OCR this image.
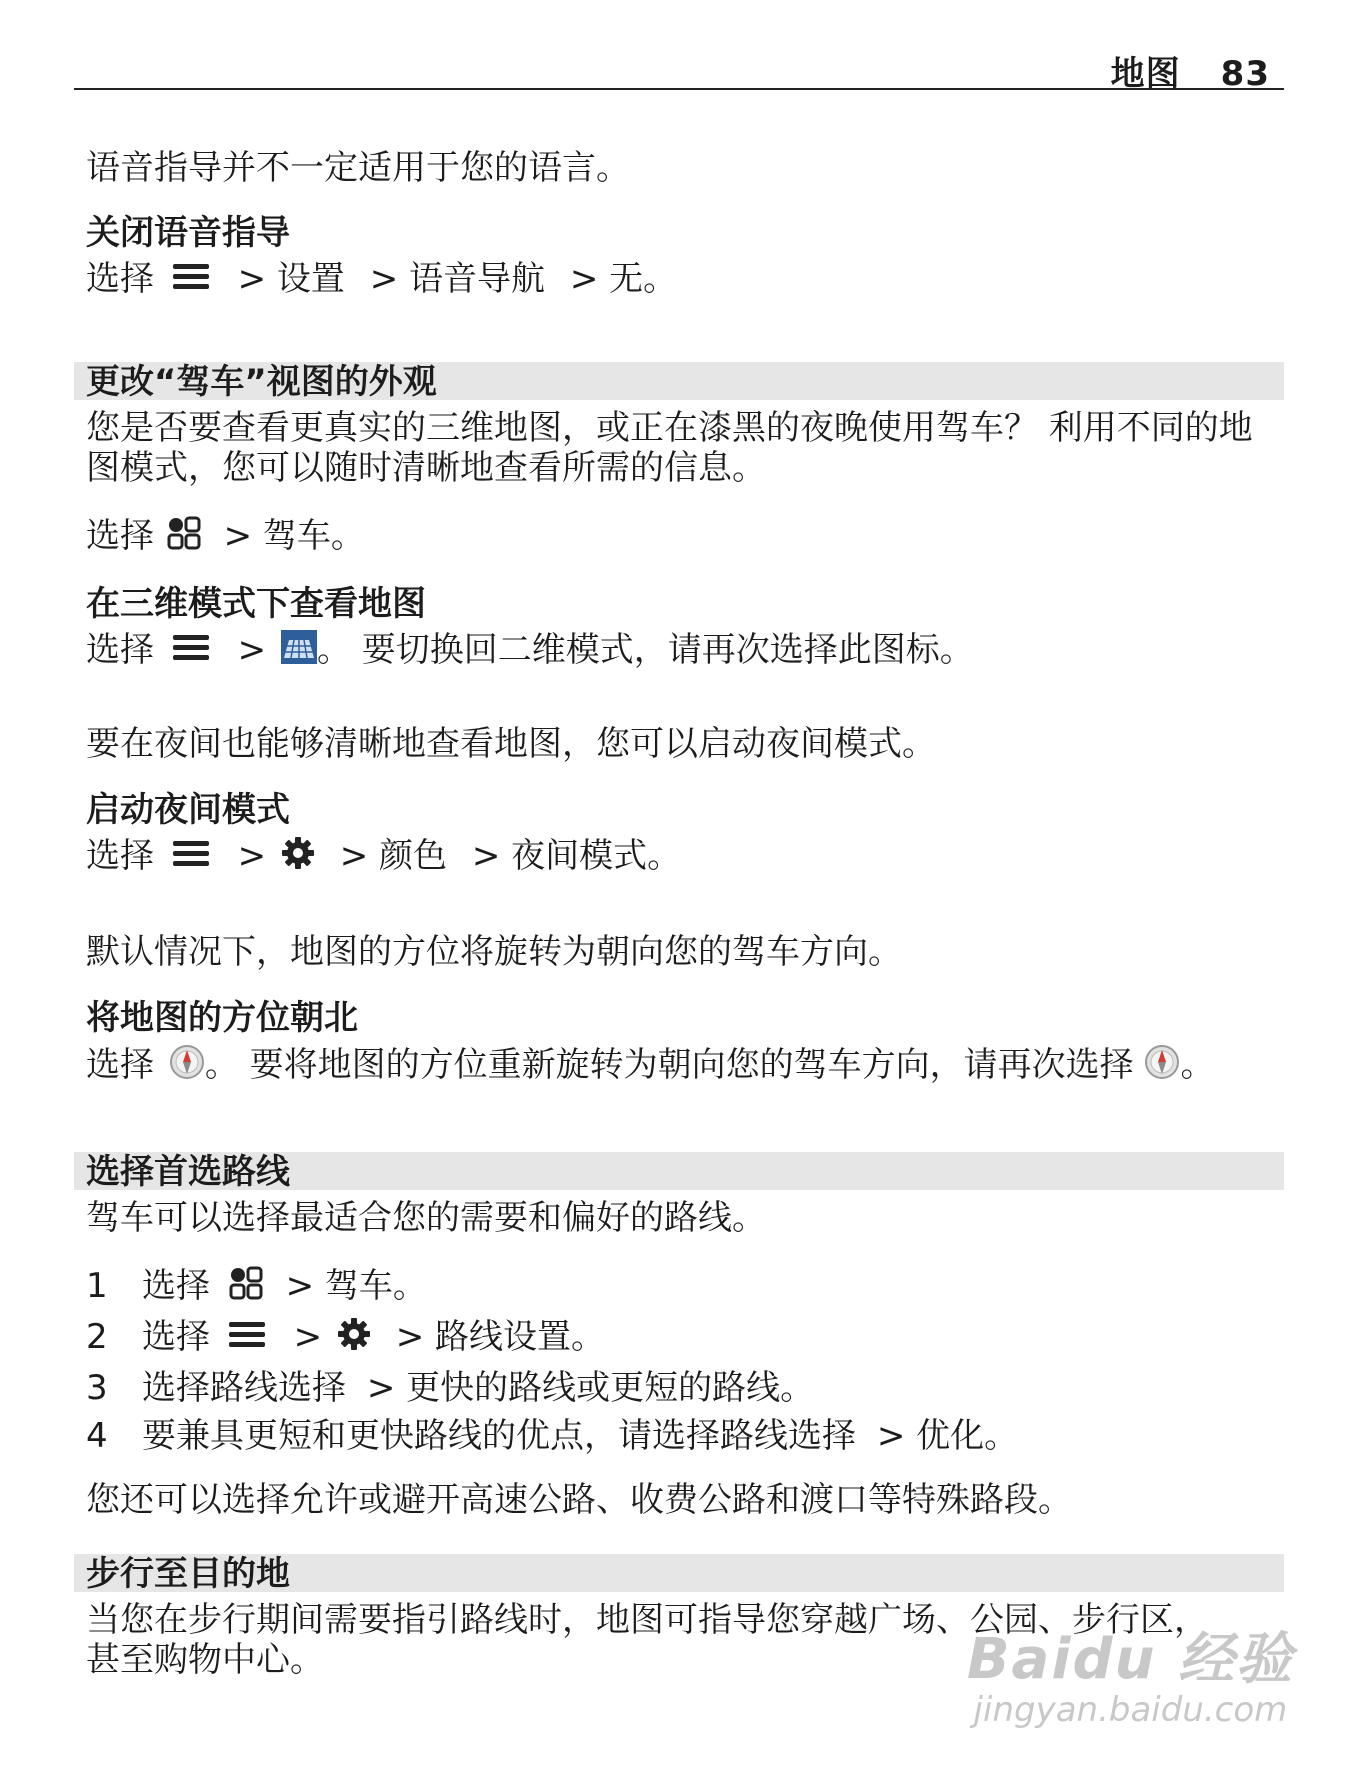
地图 83

语音指导并不一定适用于您的语言。

关闭语音指导

选择 > 设置 > 语音导航 > 无。

更改“驾车”视图的外观

您是否要查看更真实的三维地图，或正在漆黑的夜晚使用驾车？ 利用不同的地图模式，您可以随时清晰地查看所需的信息。

选择 > 驾车。

在三维模式下查看地图

选择 > 。 要切换回二维模式，请再次选择此图标。

要在夜间也能够清晰地查看地图，您可以启动夜间模式。

启动夜间模式

选择 > > 颜色 > 夜间模式。

默认情况下，地图的方位将旋转为朝向您的驾车方向。

将地图的方位朝北

选择 。 要将地图的方位重新旋转为朝向您的驾车方向，请再次选择 。

选择首选路线

驾车可以选择最适合您的需要和偏好的路线。

1 选择 > 驾车。

2 选择 > > 路线设置。

3 选择路线选择 > 更快的路线或更短的路线。

4 要兼具更短和更快路线的优点，请选择路线选择 > 优化。

您还可以选择允许或避开高速公路、收费公路和渡口等特殊路段。

步行至目的地

当您在步行期间需要指引路线时，地图可指导您穿越广场、公园、步行区，甚至购物中心。	Baidu 经验
jingyan.baidu.com
